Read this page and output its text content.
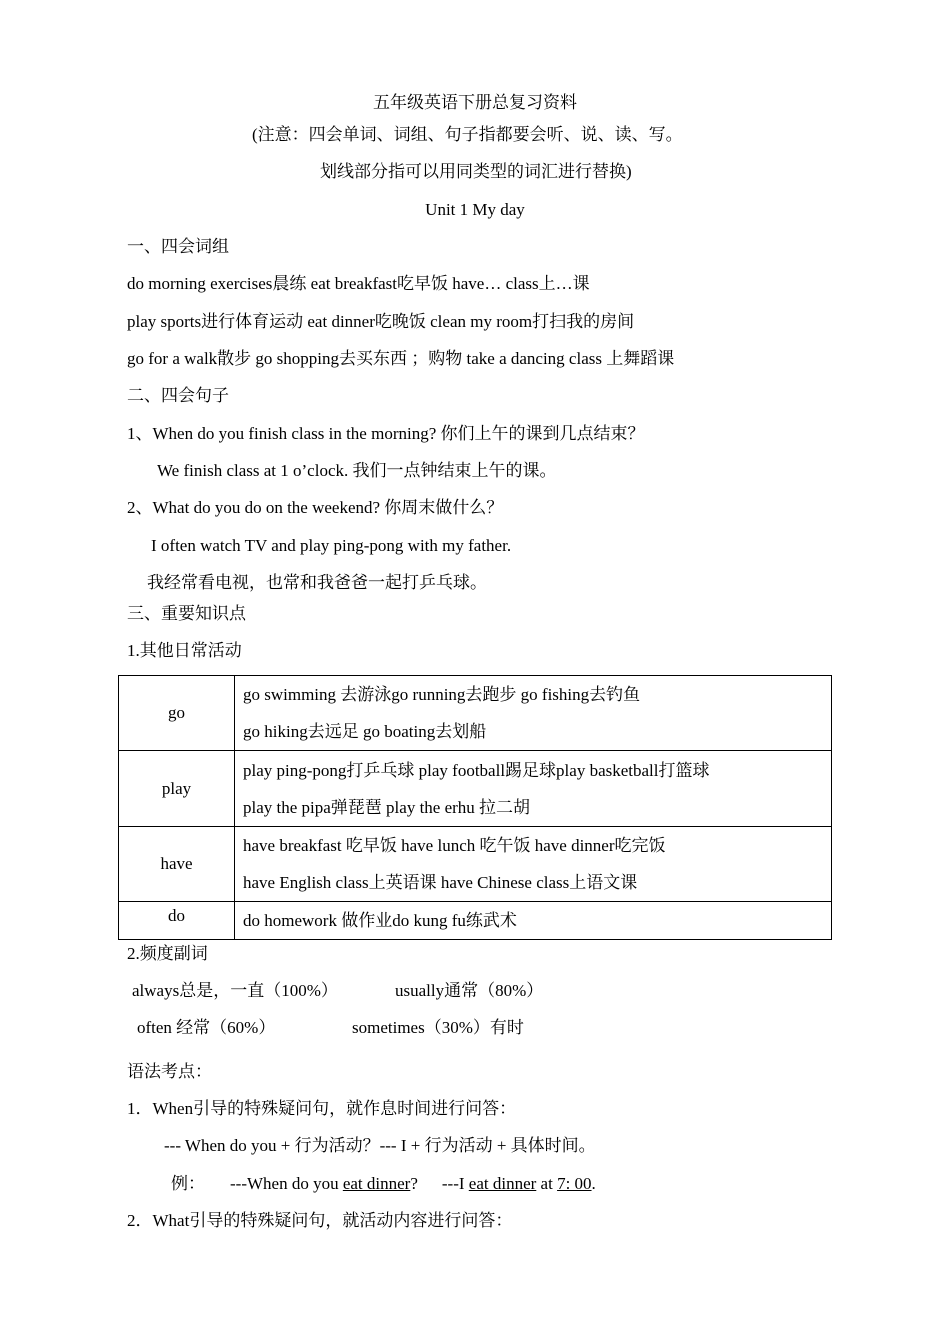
五年级英语下册总复习资料
(注意：四会单词、词组、句子指都要会听、说、读、写。
划线部分指可以用同类型的词汇进行替换)
Unit 1 My day
一、四会词组
do morning exercises晨练 eat breakfast吃早饭 have… class上…课
play sports进行体育运动 eat dinner吃晚饭 clean my room打扫我的房间
go for a walk散步 go shopping去买东西 ；购物 take a dancing class 上舞蹈课
二、四会句子
1、When do you finish class in the morning? 你们上午的课到几点结束？
We finish class at 1 o’clock. 我们一点钟结束上午的课。
2、What do you do on the weekend? 你周末做什么？
I often watch TV and play ping-pong with my father.
我经常看电视，也常和我爸爸一起打乒乓球。
三、重要知识点
1.其他日常活动
go	go swimming 去游泳go running去跑步 go fishing去钓鱼
go hiking去远足 go boating去划船

play	play ping-pong打乒乓球 play football踢足球play basketball打篮球
play the pipa弹琵琶 play the erhu 拉二胡

have	have breakfast 吃早饭 have lunch 吃午饭 have dinner吃完饭
have English class上英语课 have Chinese class上语文课

do	do homework 做作业do kung fu练武术
2.频度副词
always总是，一直（100%）	usually通常（80%）
often 经常（60%）	sometimes（30%）有时
语法考点：
1．When引导的特殊疑问句，就作息时间进行问答：
--- When do you + 行为活动？--- I + 行为活动 + 具体时间。
例： ---When do you eat dinner? ---I eat dinner at 7: 00.
2．What引导的特殊疑问句，就活动内容进行问答：
